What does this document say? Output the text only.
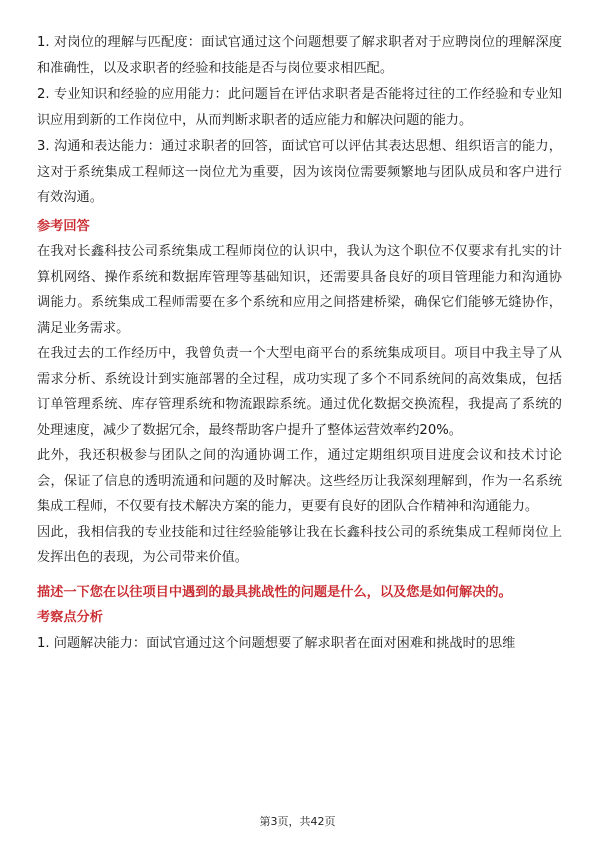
1. 对岗位的理解与匹配度：面试官通过这个问题想要了解求职者对于应聘岗位的理解深度和准确性，以及求职者的经验和技能是否与岗位要求相匹配。

2. 专业知识和经验的应用能力：此问题旨在评估求职者是否能将过往的工作经验和专业知识应用到新的工作岗位中，从而判断求职者的适应能力和解决问题的能力。

3. 沟通和表达能力：通过求职者的回答，面试官可以评估其表达思想、组织语言的能力，这对于系统集成工程师这一岗位尤为重要，因为该岗位需要频繁地与团队成员和客户进行有效沟通。

参考回答

在我对长鑫科技公司系统集成工程师岗位的认识中，我认为这个职位不仅要求有扎实的计算机网络、操作系统和数据库管理等基础知识，还需要具备良好的项目管理能力和沟通协调能力。系统集成工程师需要在多个系统和应用之间搭建桥梁，确保它们能够无缝协作，满足业务需求。

在我过去的工作经历中，我曾负责一个大型电商平台的系统集成项目。项目中我主导了从需求分析、系统设计到实施部署的全过程，成功实现了多个不同系统间的高效集成，包括订单管理系统、库存管理系统和物流跟踪系统。通过优化数据交换流程，我提高了系统的处理速度，减少了数据冗余，最终帮助客户提升了整体运营效率约20%。

此外，我还积极参与团队之间的沟通协调工作，通过定期组织项目进度会议和技术讨论会，保证了信息的透明流通和问题的及时解决。这些经历让我深刻理解到，作为一名系统集成工程师，不仅要有技术解决方案的能力，更要有良好的团队合作精神和沟通能力。

因此，我相信我的专业技能和过往经验能够让我在长鑫科技公司的系统集成工程师岗位上发挥出色的表现，为公司带来价值。

描述一下您在以往项目中遇到的最具挑战性的问题是什么，以及您是如何解决的。

考察点分析

1. 问题解决能力：面试官通过这个问题想要了解求职者在面对困难和挑战时的思维

第3页，共42页
